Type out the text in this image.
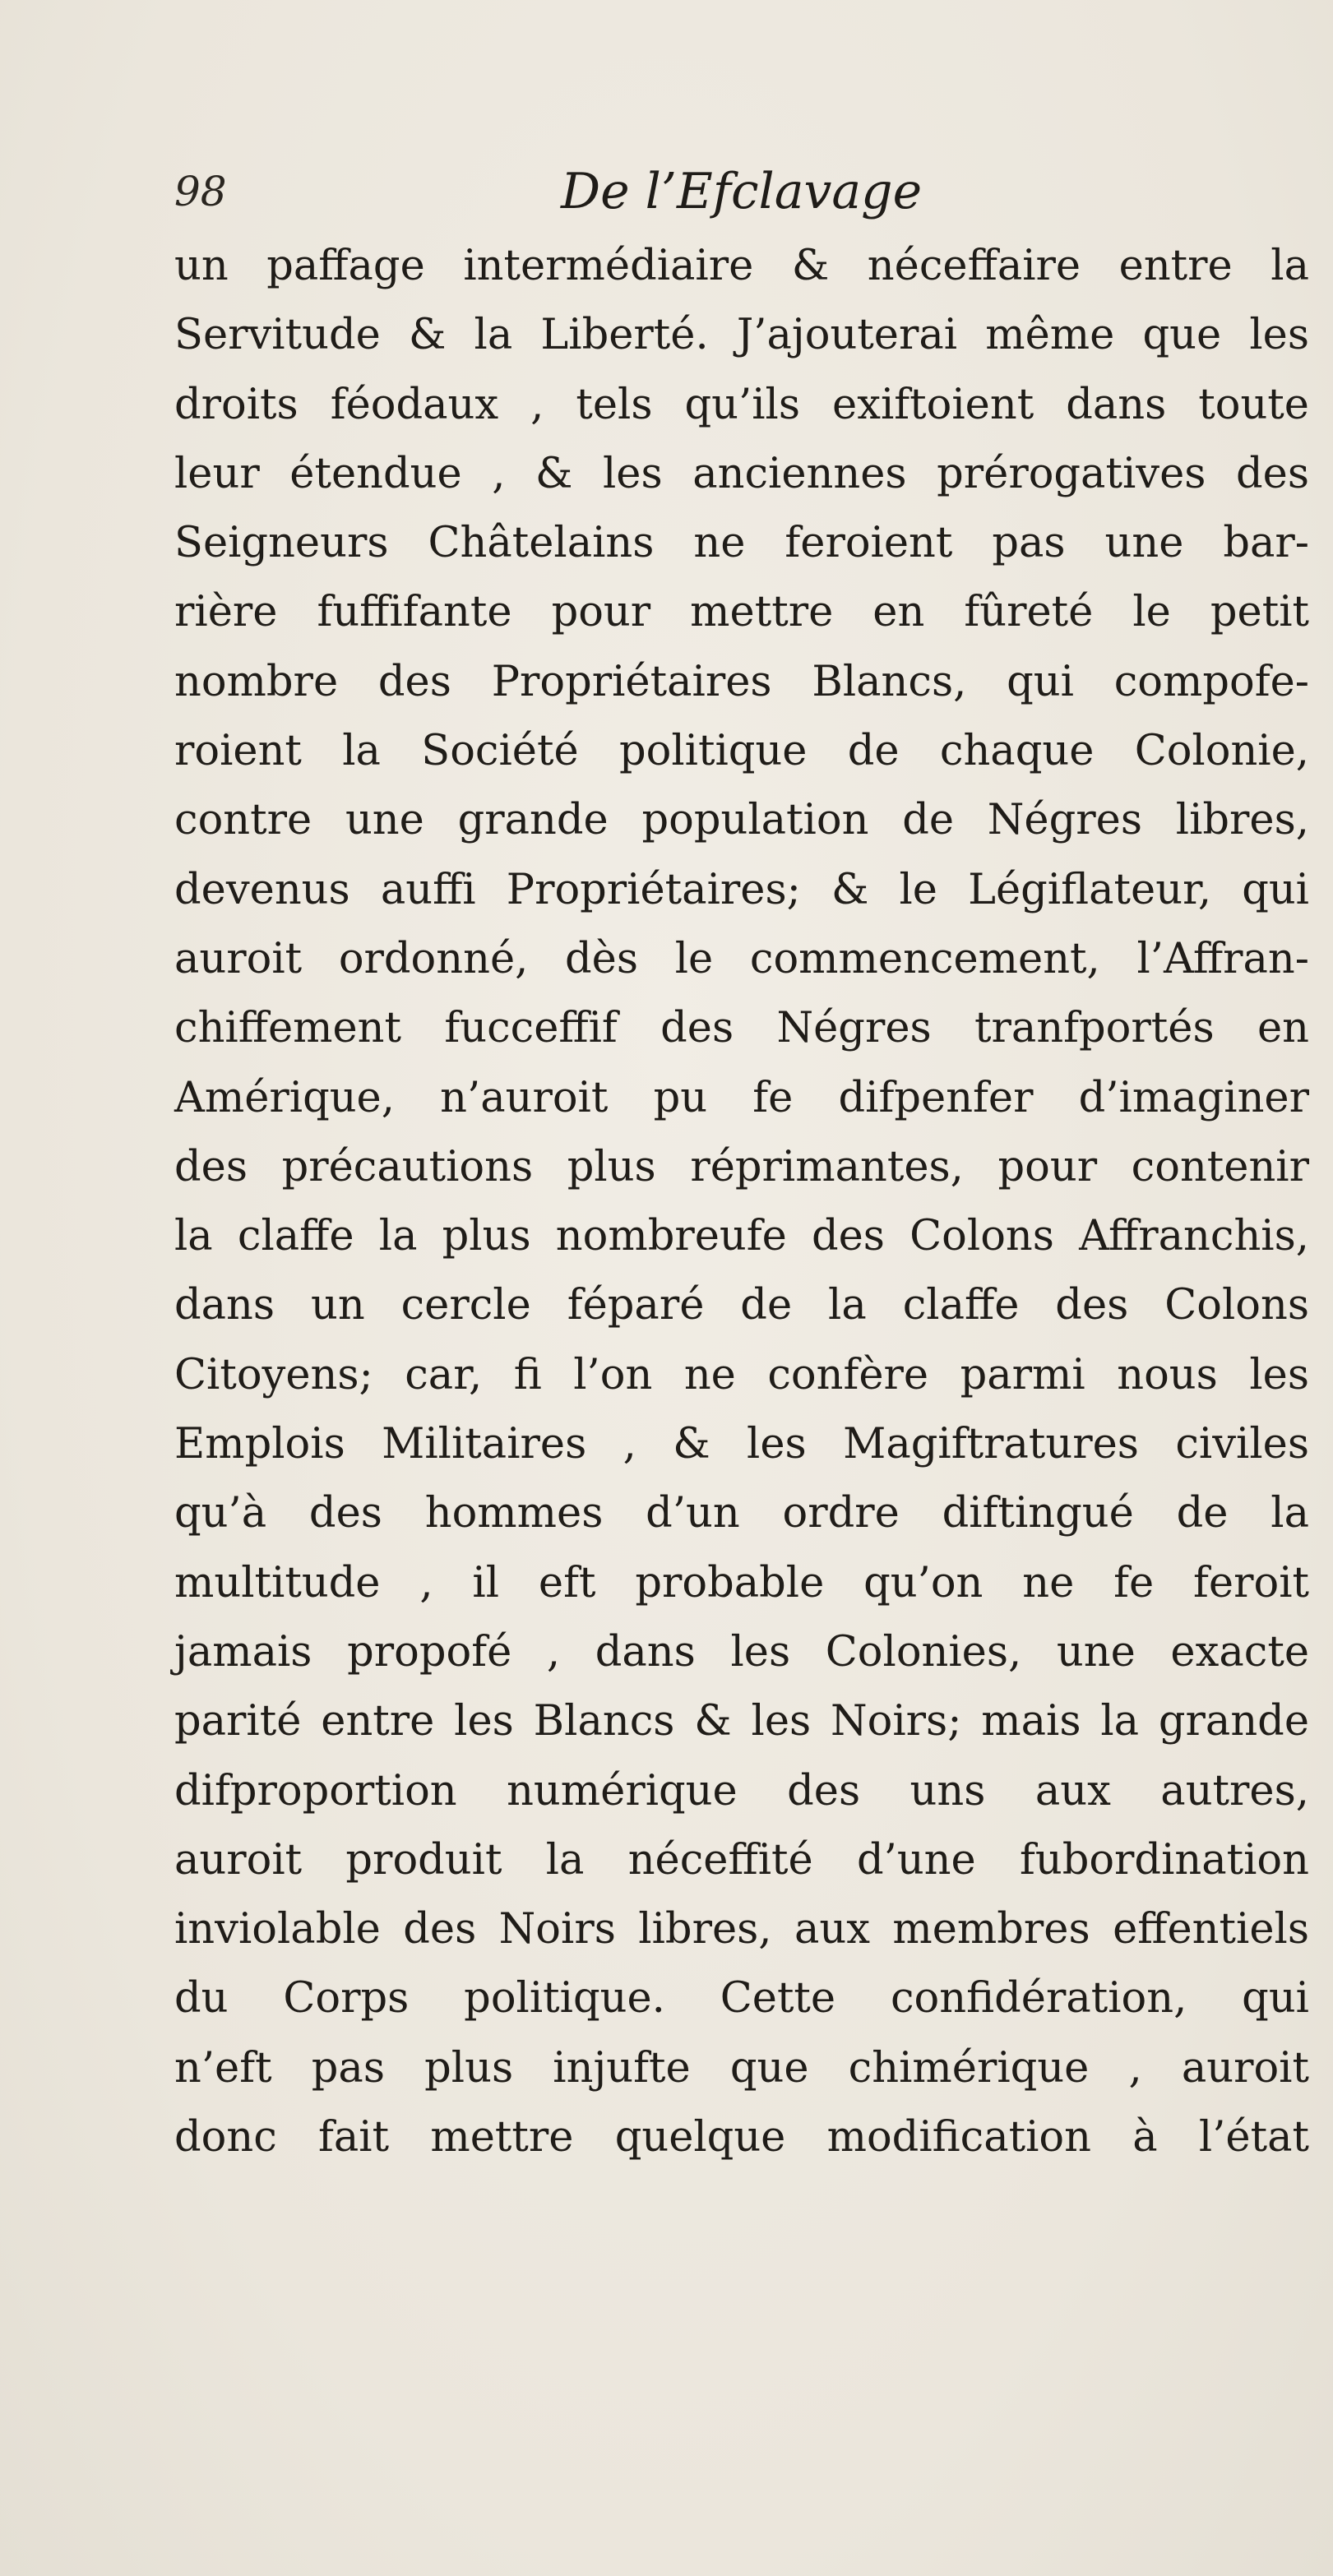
98	De l’Efclavage
un paffage intermédiaire & néceffaire entre la
Servitude & la Liberté. J’ajouterai même que les
droits féodaux , tels qu’ils exiftoient dans toute
leur étendue , & les anciennes prérogatives des
Seigneurs Châtelains ne feroient pas une bar-
rière fuffifante pour mettre en fûreté le petit
nombre des Propriétaires Blancs, qui compofe-
roient la Société politique de chaque Colonie,
contre une grande population de Négres libres,
devenus auffi Propriétaires; & le Légiflateur, qui
auroit ordonné, dès le commencement, l’Affran-
chiffement fucceffif des Négres tranfportés en
Amérique, n’auroit pu fe difpenfer d’imaginer
des précautions plus réprimantes, pour contenir
la claffe la plus nombreufe des Colons Affranchis,
dans un cercle féparé de la claffe des Colons
Citoyens; car, fi l’on ne confère parmi nous les
Emplois Militaires , & les Magiftratures civiles
qu’à des hommes d’un ordre diftingué de la
multitude , il eft probable qu’on ne fe feroit
jamais propofé , dans les Colonies, une exacte
parité entre les Blancs & les Noirs; mais la grande
difproportion numérique des uns aux autres,
auroit produit la néceffité d’une fubordination
inviolable des Noirs libres, aux membres effentiels
du Corps politique. Cette confidération, qui
n’eft pas plus injufte que chimérique , auroit
donc fait mettre quelque modification à l’état
